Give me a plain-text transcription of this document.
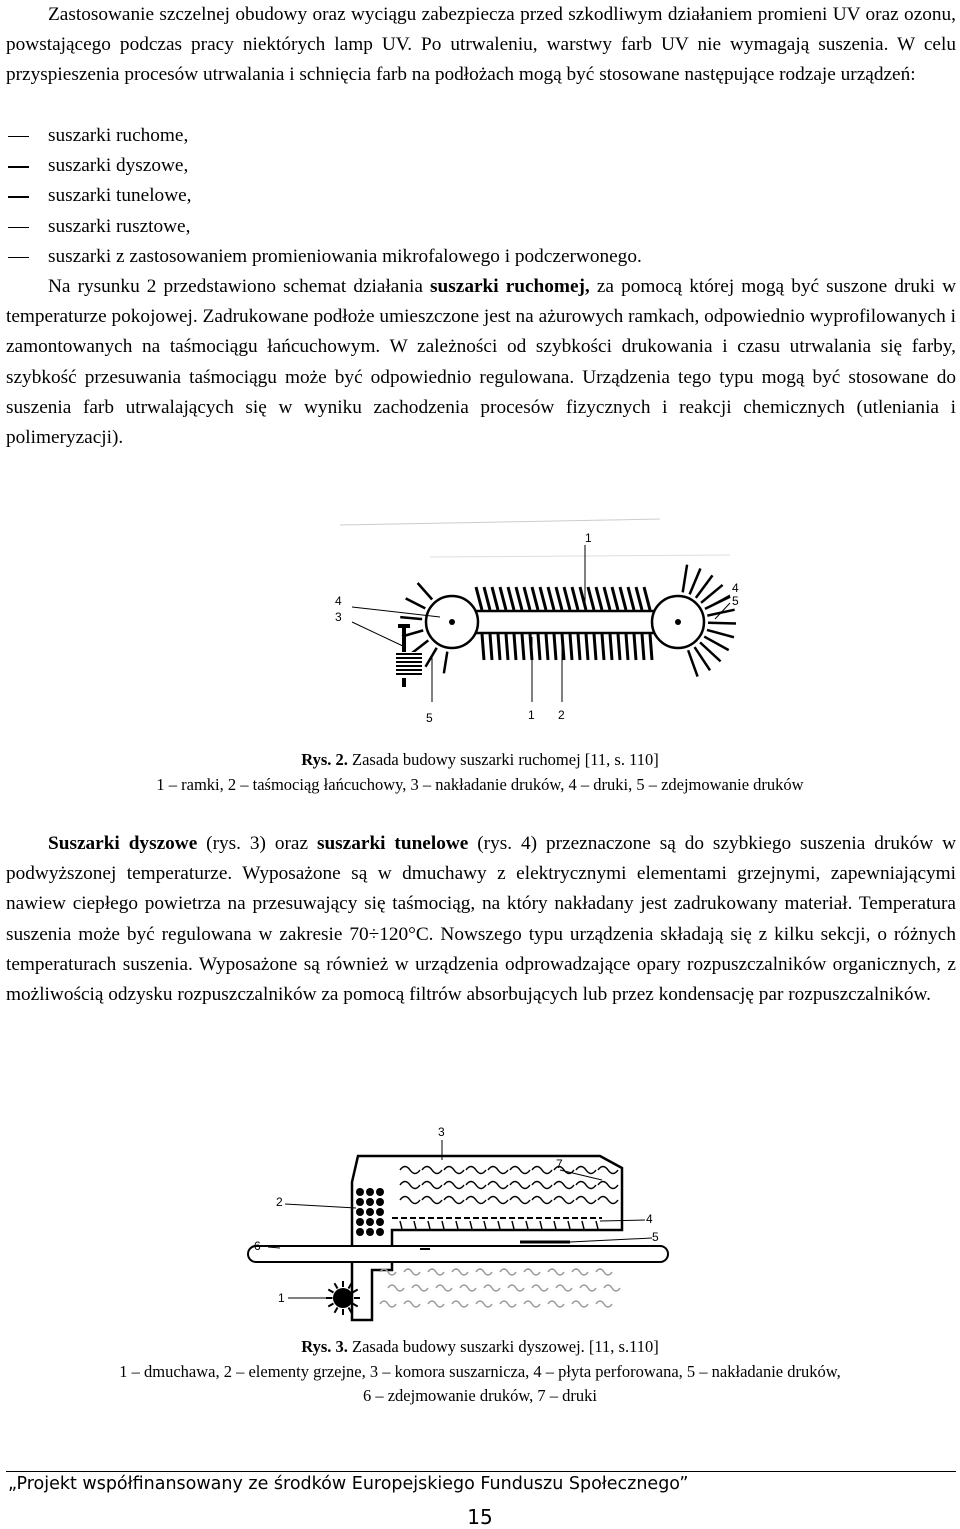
Zastosowanie szczelnej obudowy oraz wyciągu zabezpiecza przed szkodliwym działaniem promieni UV oraz ozonu, powstającego podczas pracy niektórych lamp UV. Po utrwaleniu, warstwy farb UV nie wymagają suszenia. W celu przyspieszenia procesów utrwalania i schnięcia farb na podłożach mogą być stosowane następujące rodzaje urządzeń:

suszarki ruchome,
suszarki dyszowe,
suszarki tunelowe,
suszarki rusztowe,
suszarki z zastosowaniem promieniowania mikrofalowego i podczerwonego.

Na rysunku 2 przedstawiono schemat działania suszarki ruchomej, za pomocą której mogą być suszone druki w temperaturze pokojowej. Zadrukowane podłoże umieszczone jest na ażurowych ramkach, odpowiednio wyprofilowanych i zamontowanych na taśmociągu łańcuchowym. W zależności od szybkości drukowania i czasu utrwalania się farby, szybkość przesuwania taśmociągu może być odpowiednio regulowana. Urządzenia tego typu mogą być stosowane do suszenia farb utrwalających się w wyniku zachodzenia procesów fizycznych i reakcji chemicznych (utleniania i polimeryzacji).

1
4
3
4
5
5	1 2

Rys. 2. Zasada budowy suszarki ruchomej [11, s. 110]

1 – ramki, 2 – taśmociąg łańcuchowy, 3 – nakładanie druków, 4 – druki, 5 – zdejmowanie druków

Suszarki dyszowe (rys. 3) oraz suszarki tunelowe (rys. 4) przeznaczone są do szybkiego suszenia druków w podwyższonej temperaturze. Wyposażone są w dmuchawy z elektrycznymi elementami grzejnymi, zapewniającymi nawiew ciepłego powietrza na przesuwający się taśmociąg, na który nakładany jest zadrukowany materiał. Temperatura suszenia może być regulowana w zakresie 70÷120°C. Nowszego typu urządzenia składają się z kilku sekcji, o różnych temperaturach suszenia. Wyposażone są również w urządzenia odprowadzające opary rozpuszczalników organicznych, z możliwością odzysku rozpuszczalników za pomocą filtrów absorbujących lub przez kondensację par rozpuszczalników.

3
7
2
6
4
5
1

Rys. 3. Zasada budowy suszarki dyszowej. [11, s.110]

1 – dmuchawa, 2 – elementy grzejne, 3 – komora suszarnicza, 4 – płyta perforowana, 5 – nakładanie druków,

6 – zdejmowanie druków, 7 – druki

„Projekt współfinansowany ze środków Europejskiego Funduszu Społecznego”
15
